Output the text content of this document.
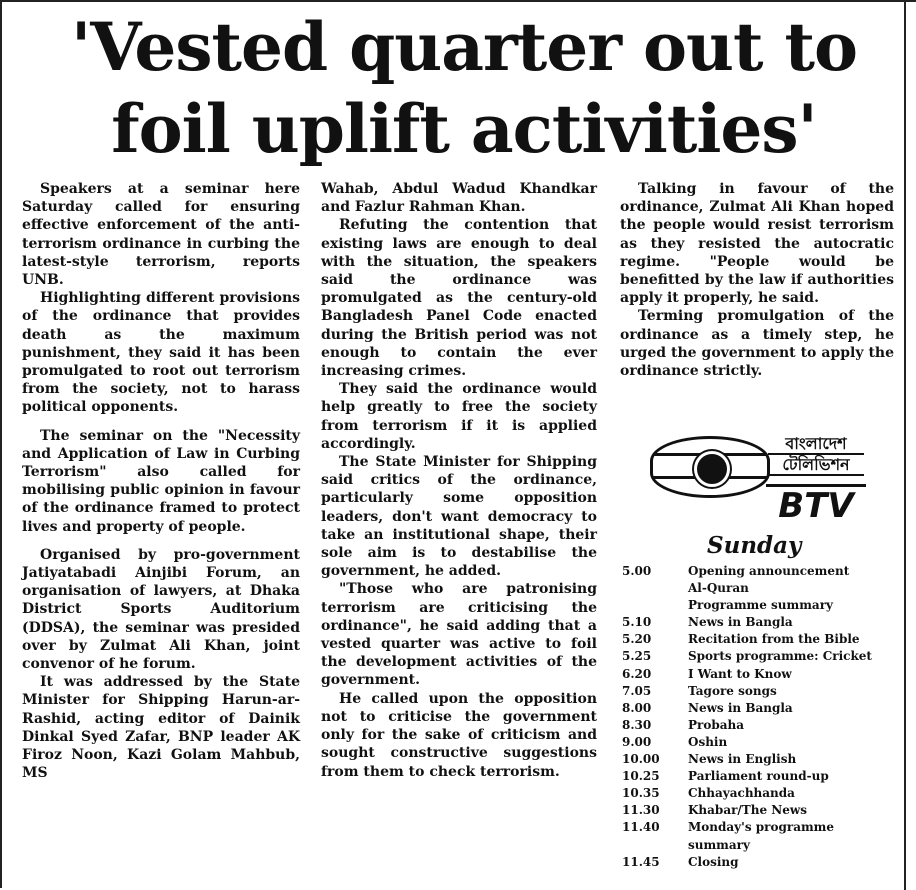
'Vested quarter out to
foil uplift activities'

Speakers at a seminar here Saturday called for ensuring effective enforcement of the anti-terrorism ordinance in curbing the latest-style terrorism, reports UNB.

Highlighting different provisions of the ordinance that provides death as the maximum punishment, they said it has been promulgated to root out terrorism from the society, not to harass political opponents.

The seminar on the "Necessity and Application of Law in Curbing Terrorism" also called for mobilising public opinion in favour of the ordinance framed to protect lives and property of people.

Organised by pro-government Jatiyatabadi Ainjibi Forum, an organisation of lawyers, at Dhaka District Sports Auditorium (DDSA), the seminar was presided over by Zulmat Ali Khan, joint convenor of he forum.

It was addressed by the State Minister for Shipping Harun-ar-Rashid, acting editor of Dainik Dinkal Syed Zafar, BNP leader AK Firoz Noon, Kazi Golam Mahbub, MS

Wahab, Abdul Wadud Khandkar and Fazlur Rahman Khan.

Refuting the contention that existing laws are enough to deal with the situation, the speakers said the ordinance was promulgated as the century-old Bangladesh Panel Code enacted during the British period was not enough to contain the ever increasing crimes.

They said the ordinance would help greatly to free the society from terrorism if it is applied accordingly.

The State Minister for Shipping said critics of the ordinance, particularly some opposition leaders, don't want democracy to take an institutional shape, their sole aim is to destabilise the government, he added.

"Those who are patronising terrorism are criticising the ordinance", he said adding that a vested quarter was active to foil the development activities of the government.

He called upon the opposition not to criticise the government only for the sake of criticism and sought constructive suggestions from them to check terrorism.

Talking in favour of the ordinance, Zulmat Ali Khan hoped the people would resist terrorism as they resisted the autocratic regime. "People would be benefitted by the law if authorities apply it properly, he said.

Terming promulgation of the ordinance as a timely step, he urged the government to apply the ordinance strictly.

বাংলাদেশ
টেলিভিশন
BTV
Sunday
5.00	Opening announcement
Al-Quran
Programme summary
5.10	News in Bangla
5.20	Recitation from the Bible
5.25	Sports programme: Cricket
6.20	I Want to Know
7.05	Tagore songs
8.00	News in Bangla
8.30	Probaha
9.00	Oshin
10.00	News in English
10.25	Parliament round-up
10.35	Chhayachhanda
11.30	Khabar/The News
11.40	Monday's programme summary
11.45	Closing
